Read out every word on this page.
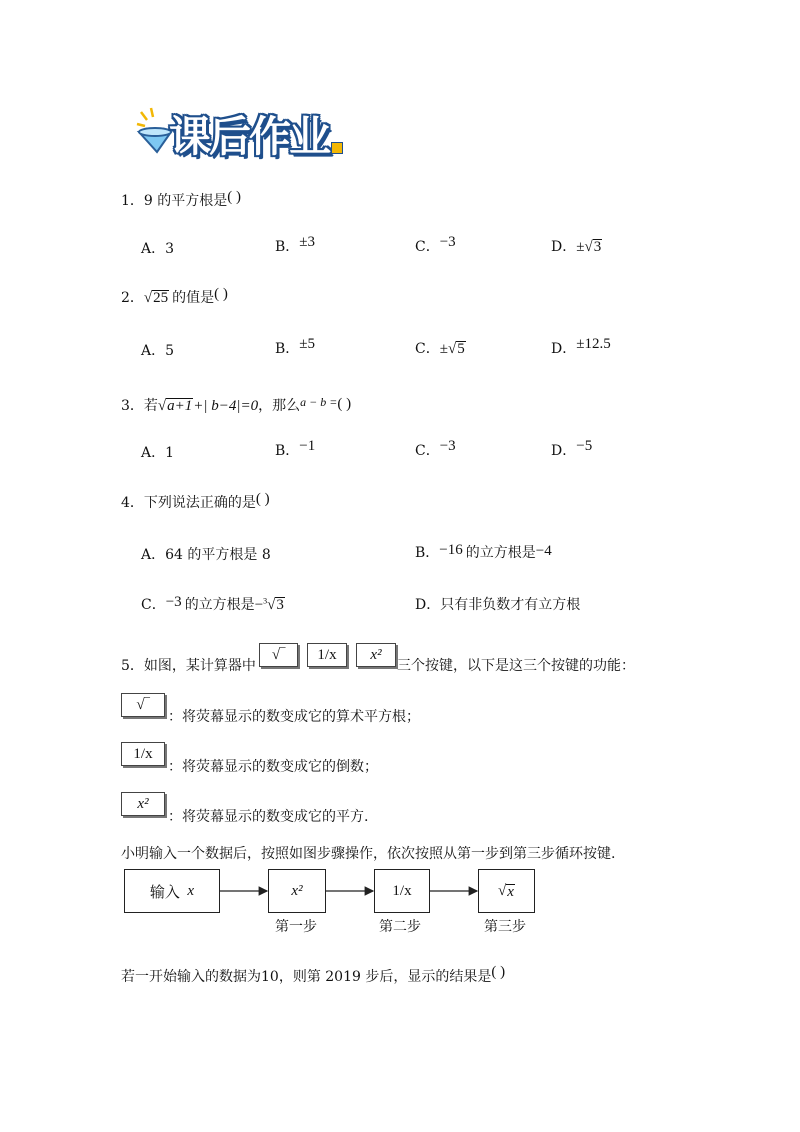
课后作业
1．9 的平方根是( )
A．3	B．±3	C．−3	D．±√3
2．√25 的值是( )
A．5	B．±5	C．±√5	D．±12.5
3．若√a+1+| b−4|=0，那么a − b =( )
A．1	B．−1	C．−3	D．−5
4．下列说法正确的是( )
A．64 的平方根是 8	B．−16 的立方根是−4
C．−3 的立方根是−$^3$√3	D．只有非负数才有立方根
5．如图，某计算器中
√‾ 1/x x²
三个按键，以下是这三个按键的功能：
√‾
：将荧幕显示的数变成它的算术平方根；
1/x
：将荧幕显示的数变成它的倒数；
x²
：将荧幕显示的数变成它的平方.
小明输入一个数据后，按照如图步骤操作，依次按照从第一步到第三步循环按键.
输入
x	x²	1/x	√ x
第一步	第二步	第三步
若一开始输入的数据为10，则第 2019 步后，显示的结果是( )
